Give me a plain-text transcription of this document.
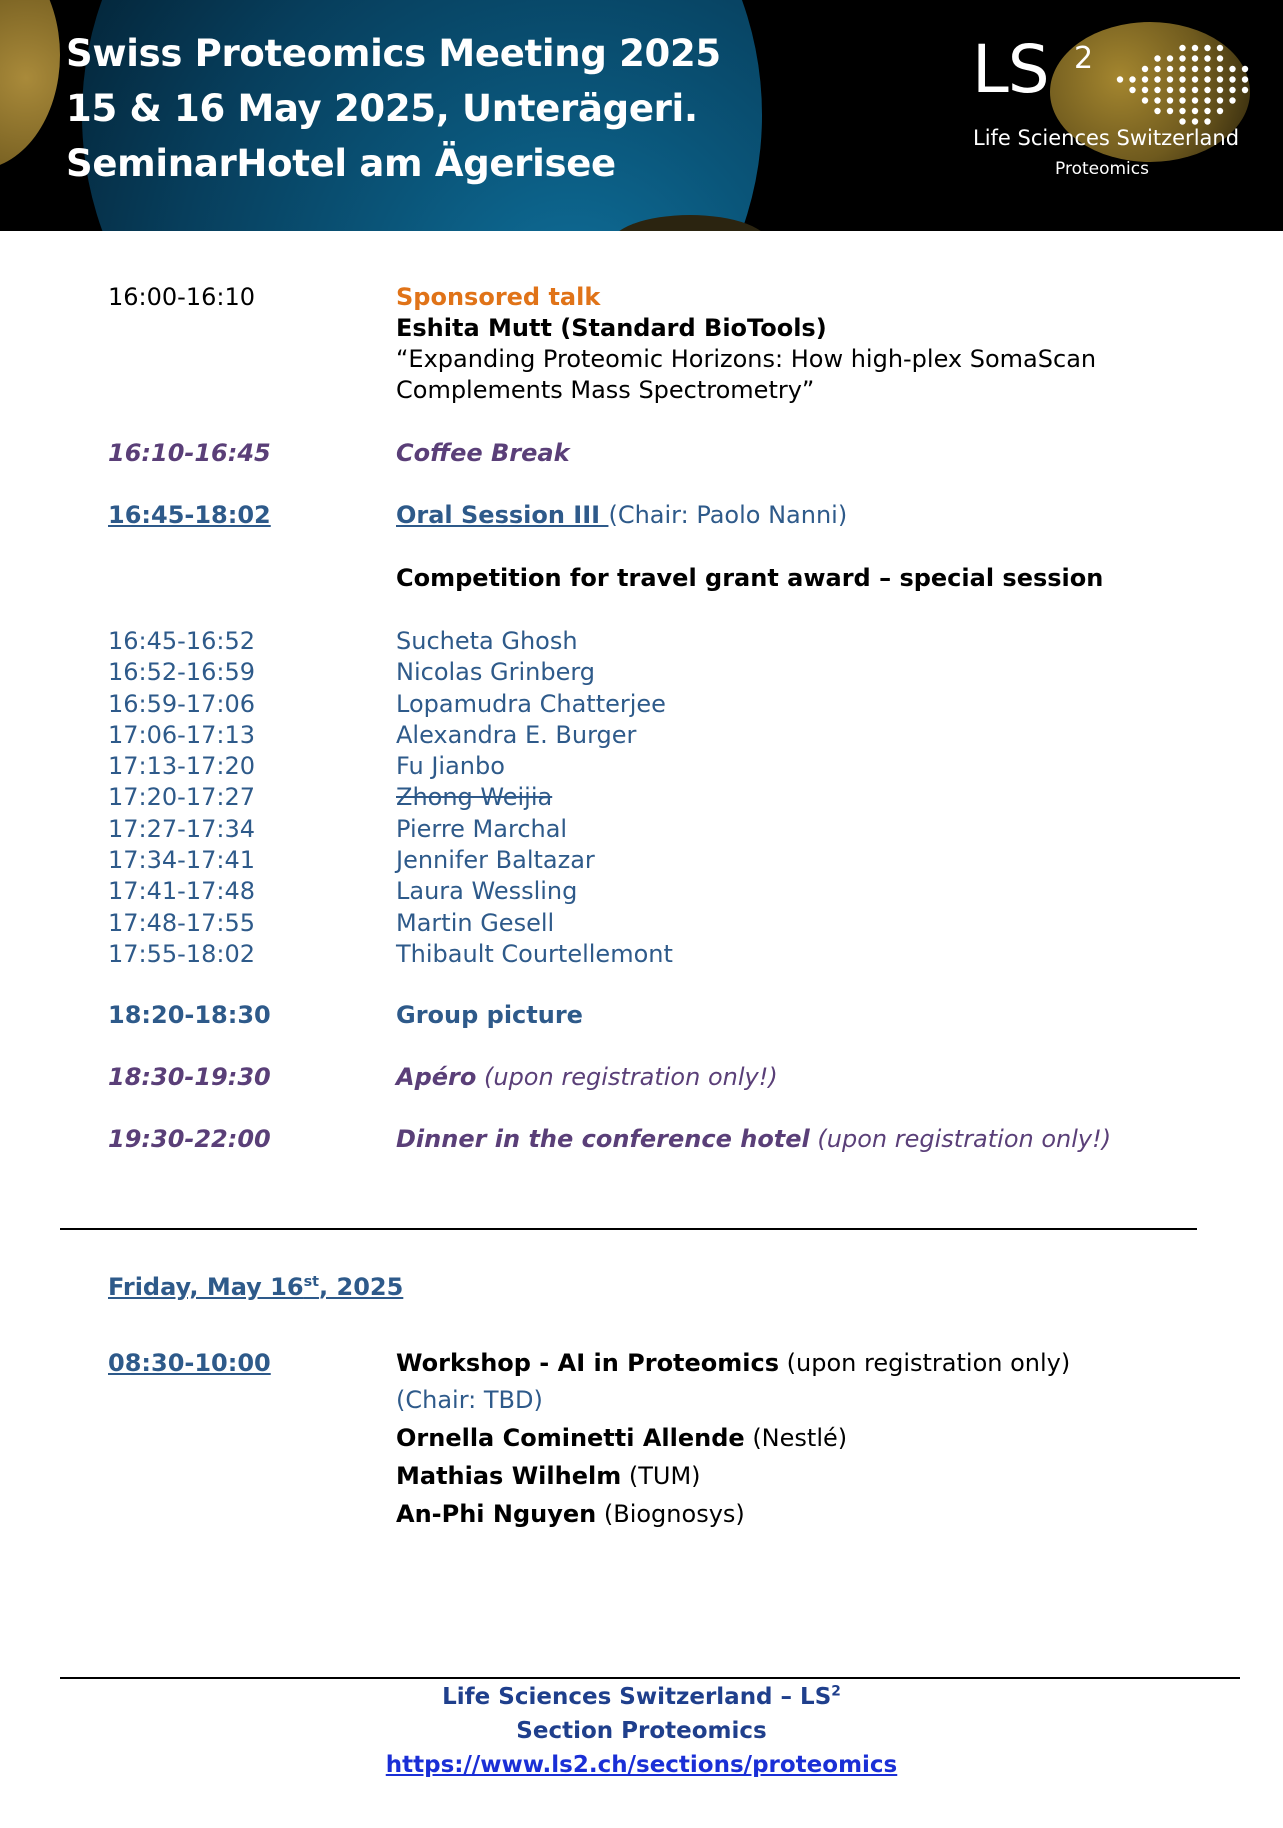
Swiss Proteomics Meeting 2025
15 & 16 May 2025, Unterägeri.
SeminarHotel am Ägerisee
LS 2
Life Sciences Switzerland
Proteomics
16:00-16:10	Sponsored talk
Eshita Mutt (Standard BioTools)
“Expanding Proteomic Horizons: How high-plex SomaScan
Complements Mass Spectrometry”
16:10-16:45	Coffee Break
16:45-18:02	Oral Session III (Chair: Paolo Nanni)
Competition for travel grant award – special session
16:45-16:52	Sucheta Ghosh
16:52-16:59	Nicolas Grinberg
16:59-17:06	Lopamudra Chatterjee
17:06-17:13	Alexandra E. Burger
17:13-17:20	Fu Jianbo
17:20-17:27	Zhong Weijia
17:27-17:34	Pierre Marchal
17:34-17:41	Jennifer Baltazar
17:41-17:48	Laura Wessling
17:48-17:55	Martin Gesell
17:55-18:02	Thibault Courtellemont
18:20-18:30	Group picture
18:30-19:30	Apéro (upon registration only!)
19:30-22:00	Dinner in the conference hotel (upon registration only!)
Friday, May 16st, 2025
08:30-10:00	Workshop - AI in Proteomics (upon registration only)
(Chair: TBD)
Ornella Cominetti Allende (Nestlé)
Mathias Wilhelm (TUM)
An-Phi Nguyen (Biognosys)
Life Sciences Switzerland – $LS^2$
Section Proteomics
https://www.ls2.ch/sections/proteomics
